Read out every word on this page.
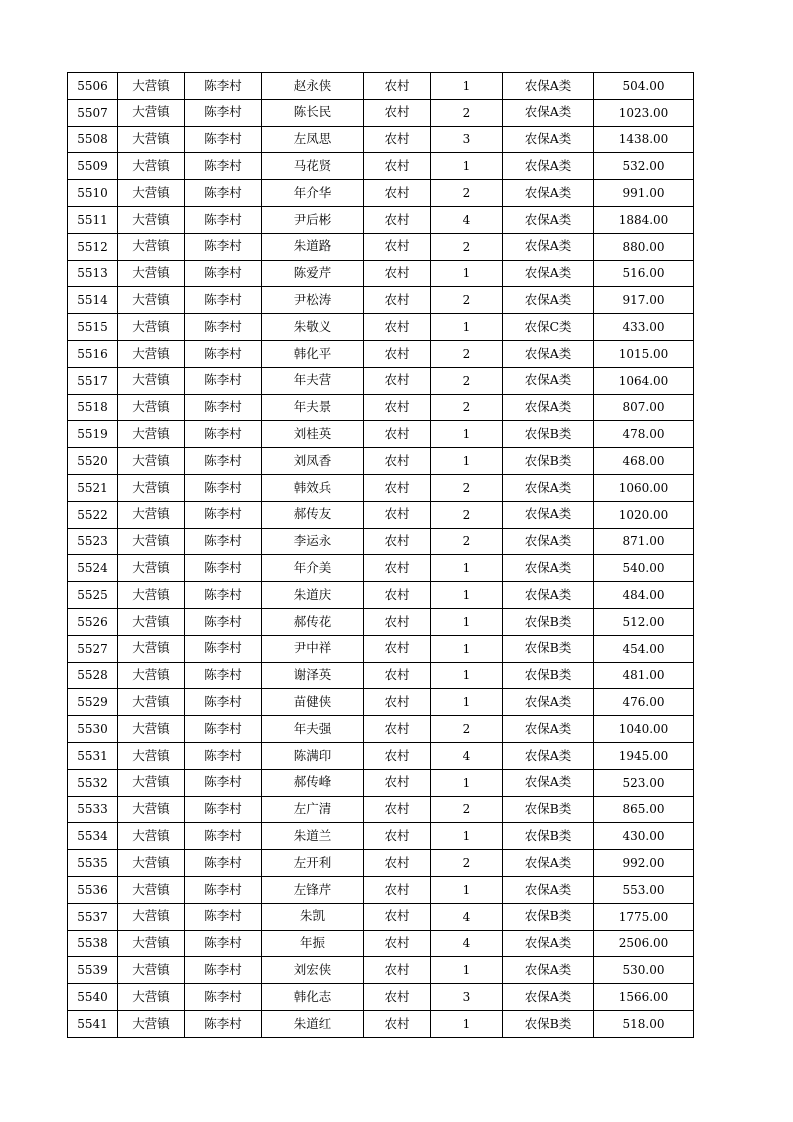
5506	大营镇	陈李村	赵永侠	农村	1	农保A类	504.00
5507	大营镇	陈李村	陈长民	农村	2	农保A类	1023.00
5508	大营镇	陈李村	左凤思	农村	3	农保A类	1438.00
5509	大营镇	陈李村	马花贤	农村	1	农保A类	532.00
5510	大营镇	陈李村	年介华	农村	2	农保A类	991.00
5511	大营镇	陈李村	尹后彬	农村	4	农保A类	1884.00
5512	大营镇	陈李村	朱道路	农村	2	农保A类	880.00
5513	大营镇	陈李村	陈爱芹	农村	1	农保A类	516.00
5514	大营镇	陈李村	尹松涛	农村	2	农保A类	917.00
5515	大营镇	陈李村	朱敬义	农村	1	农保C类	433.00
5516	大营镇	陈李村	韩化平	农村	2	农保A类	1015.00
5517	大营镇	陈李村	年夫营	农村	2	农保A类	1064.00
5518	大营镇	陈李村	年夫景	农村	2	农保A类	807.00
5519	大营镇	陈李村	刘桂英	农村	1	农保B类	478.00
5520	大营镇	陈李村	刘凤香	农村	1	农保B类	468.00
5521	大营镇	陈李村	韩效兵	农村	2	农保A类	1060.00
5522	大营镇	陈李村	郝传友	农村	2	农保A类	1020.00
5523	大营镇	陈李村	李运永	农村	2	农保A类	871.00
5524	大营镇	陈李村	年介美	农村	1	农保A类	540.00
5525	大营镇	陈李村	朱道庆	农村	1	农保A类	484.00
5526	大营镇	陈李村	郝传花	农村	1	农保B类	512.00
5527	大营镇	陈李村	尹中祥	农村	1	农保B类	454.00
5528	大营镇	陈李村	谢泽英	农村	1	农保B类	481.00
5529	大营镇	陈李村	苗健侠	农村	1	农保A类	476.00
5530	大营镇	陈李村	年夫强	农村	2	农保A类	1040.00
5531	大营镇	陈李村	陈满印	农村	4	农保A类	1945.00
5532	大营镇	陈李村	郝传峰	农村	1	农保A类	523.00
5533	大营镇	陈李村	左广清	农村	2	农保B类	865.00
5534	大营镇	陈李村	朱道兰	农村	1	农保B类	430.00
5535	大营镇	陈李村	左开利	农村	2	农保A类	992.00
5536	大营镇	陈李村	左锋芹	农村	1	农保A类	553.00
5537	大营镇	陈李村	朱凯	农村	4	农保B类	1775.00
5538	大营镇	陈李村	年振	农村	4	农保A类	2506.00
5539	大营镇	陈李村	刘宏侠	农村	1	农保A类	530.00
5540	大营镇	陈李村	韩化志	农村	3	农保A类	1566.00
5541	大营镇	陈李村	朱道红	农村	1	农保B类	518.00
